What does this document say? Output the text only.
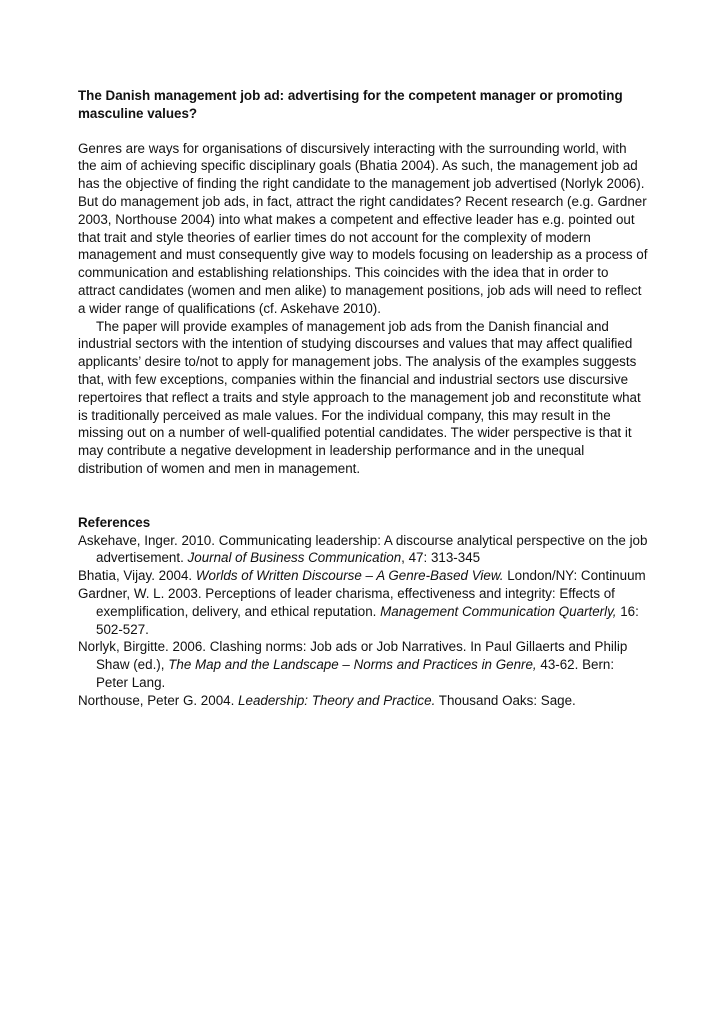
The Danish management job ad: advertising for the competent manager or promoting masculine values?

Genres are ways for organisations of discursively interacting with the surrounding world, with the aim of achieving specific disciplinary goals (Bhatia 2004). As such, the management job ad has the objective of finding the right candidate to the management job advertised (Norlyk 2006). But do management job ads, in fact, attract the right candidates? Recent research (e.g. Gardner 2003, Northouse 2004) into what makes a competent and effective leader has e.g. pointed out that trait and style theories of earlier times do not account for the complexity of modern management and must consequently give way to models focusing on leadership as a process of communication and establishing relationships. This coincides with the idea that in order to attract candidates (women and men alike) to management positions, job ads will need to reflect a wider range of qualifications (cf. Askehave 2010).

The paper will provide examples of management job ads from the Danish financial and industrial sectors with the intention of studying discourses and values that may affect qualified applicants’ desire to/not to apply for management jobs. The analysis of the examples suggests that, with few exceptions, companies within the financial and industrial sectors use discursive repertoires that reflect a traits and style approach to the management job and reconstitute what is traditionally perceived as male values. For the individual company, this may result in the missing out on a number of well-qualified potential candidates. The wider perspective is that it may contribute a negative development in leadership performance and in the unequal distribution of women and men in management.

References

Askehave, Inger. 2010. Communicating leadership: A discourse analytical perspective on the job advertisement. Journal of Business Communication, 47: 313-345

Bhatia, Vijay. 2004. Worlds of Written Discourse – A Genre-Based View. London/NY: Continuum

Gardner, W. L. 2003. Perceptions of leader charisma, effectiveness and integrity: Effects of exemplification, delivery, and ethical reputation. Management Communication Quarterly, 16: 502-527.

Norlyk, Birgitte. 2006. Clashing norms: Job ads or Job Narratives. In Paul Gillaerts and Philip Shaw (ed.), The Map and the Landscape – Norms and Practices in Genre, 43-62. Bern: Peter Lang.

Northouse, Peter G. 2004. Leadership: Theory and Practice. Thousand Oaks: Sage.
